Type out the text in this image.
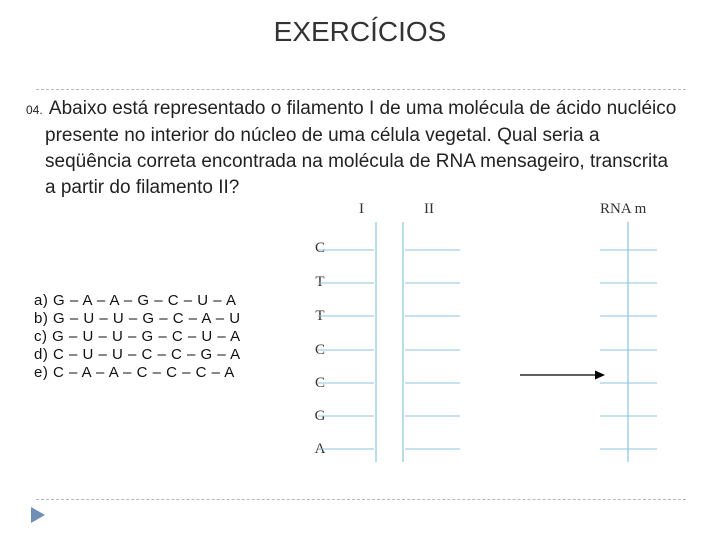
EXERCÍCIOS
04. Abaixo está representado o filamento I de uma molécula de ácido nucléico
presente no interior do núcleo de uma célula vegetal. Qual seria a
seqüência correta encontrada na molécula de RNA mensageiro, transcrita
a partir do filamento II?
a) G – A – A – G – C – U – A
b) G – U – U – G – C – A – U
c) G – U – U – G – C – U – A
d) C – U – U – C – C – G – A
e) C – A – A – C – C – C – A
I	II	RNA m
C
T
T
C
C
G
A
